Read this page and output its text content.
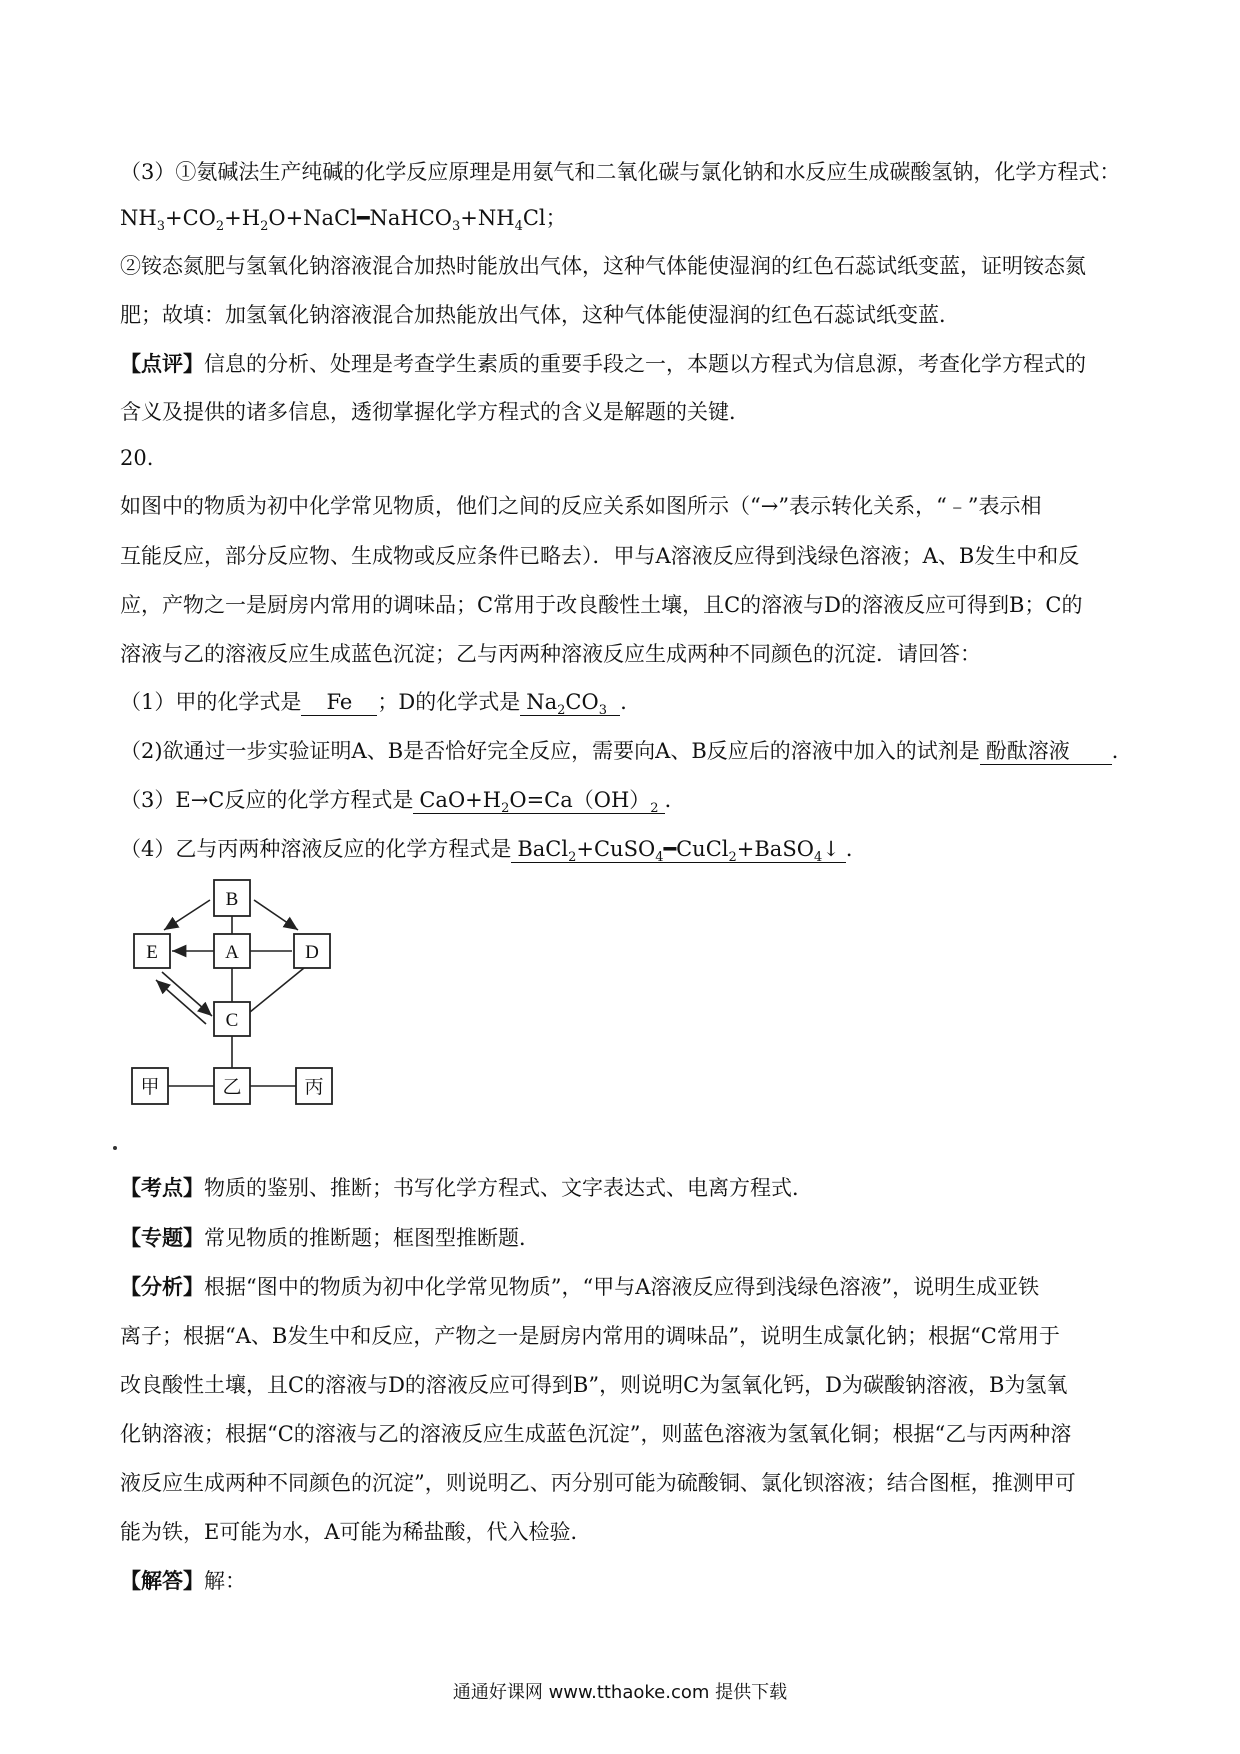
（3）①氨碱法生产纯碱的化学反应原理是用氨气和二氧化碳与氯化钠和水反应生成碳酸氢钠，化学方程式：
$NH_3+CO_2+H_2O+NaCl━NaHCO_3+NH_4Cl$；
②铵态氮肥与氢氧化钠溶液混合加热时能放出气体，这种气体能使湿润的红色石蕊试纸变蓝，证明铵态氮
肥；故填：加氢氧化钠溶液混合加热能放出气体，这种气体能使湿润的红色石蕊试纸变蓝．
【点评】信息的分析、处理是考查学生素质的重要手段之一，本题以方程式为信息源，考查化学方程式的
含义及提供的诸多信息，透彻掌握化学方程式的含义是解题的关键．
20.
如图中的物质为初中化学常见物质，他们之间的反应关系如图所示（“→”表示转化关系，“﹣”表示相
互能反应，部分反应物、生成物或反应条件已略去）．甲与A溶液反应得到浅绿色溶液；A、B发生中和反
应，产物之一是厨房内常用的调味品；C常用于改良酸性土壤，且C的溶液与D的溶液反应可得到B；C的
溶液与乙的溶液反应生成蓝色沉淀；乙与丙两种溶液反应生成两种不同颜色的沉淀．请回答：
（1）甲的化学式是 Fe ；D的化学式是 $Na_2CO_3$ ．
（2)欲通过一步实验证明A、B是否恰好完全反应，需要向A、B反应后的溶液中加入的试剂是 酚酞溶液 ．
（3）E→C反应的化学方程式是 $CaO+H_2O=Ca(OH)_2$ ．
（4）乙与丙两种溶液反应的化学方程式是 BaCl$_2$+CuSO$_4$━CuCl$_2$+BaSO$_4$↓ ．
B
E	A	D
C
甲	乙	丙
【考点】物质的鉴别、推断；书写化学方程式、文字表达式、电离方程式．
【专题】常见物质的推断题；框图型推断题．
【分析】根据“图中的物质为初中化学常见物质”，“甲与A溶液反应得到浅绿色溶液”，说明生成亚铁
离子；根据“A、B发生中和反应，产物之一是厨房内常用的调味品”，说明生成氯化钠；根据“C常用于
改良酸性土壤，且C的溶液与D的溶液反应可得到B”，则说明C为氢氧化钙，D为碳酸钠溶液，B为氢氧
化钠溶液；根据“C的溶液与乙的溶液反应生成蓝色沉淀”，则蓝色溶液为氢氧化铜；根据“乙与丙两种溶
液反应生成两种不同颜色的沉淀”，则说明乙、丙分别可能为硫酸铜、氯化钡溶液；结合图框，推测甲可
能为铁，E可能为水，A可能为稀盐酸，代入检验．
【解答】解：
通通好课网 www.tthaoke.com 提供下载
